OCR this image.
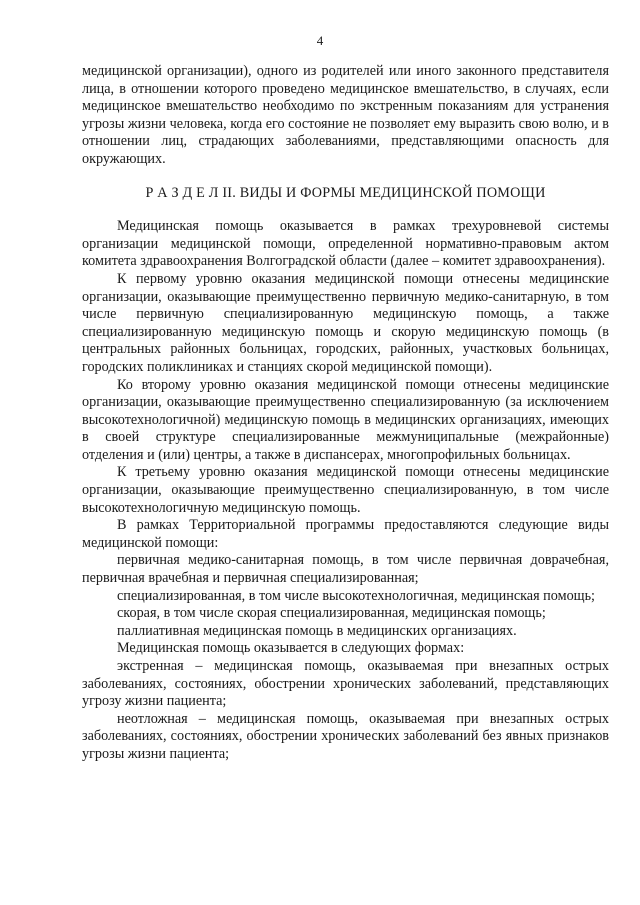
4

медицинской организации), одного из родителей или иного законного представителя лица, в отношении которого проведено медицинское вмешательство, в случаях, если медицинское вмешательство необходимо по экстренным показаниям для устранения угрозы жизни человека, когда его состояние не позволяет ему выразить свою волю, и в отношении лиц, страдающих заболеваниями, представляющими опасность для окружающих.

Р А З Д Е Л II. ВИДЫ И ФОРМЫ МЕДИЦИНСКОЙ ПОМОЩИ

Медицинская помощь оказывается в рамках трехуровневой системы организации медицинской помощи, определенной нормативно-правовым актом комитета здравоохранения Волгоградской области (далее – комитет здравоохранения).

К первому уровню оказания медицинской помощи отнесены медицинские организации, оказывающие преимущественно первичную медико-санитарную, в том числе первичную специализированную медицинскую помощь, а также специализированную медицинскую помощь и скорую медицинскую помощь (в центральных районных больницах, городских, районных, участковых больницах, городских поликлиниках и станциях скорой медицинской помощи).

Ко второму уровню оказания медицинской помощи отнесены медицинские организации, оказывающие преимущественно специализированную (за исключением высокотехнологичной) медицинскую помощь в медицинских организациях, имеющих в своей структуре специализированные межмуниципальные (межрайонные) отделения и (или) центры, а также в диспансерах, многопрофильных больницах.

К третьему уровню оказания медицинской помощи отнесены медицинские организации, оказывающие преимущественно специализированную, в том числе высокотехнологичную медицинскую помощь.

В рамках Территориальной программы предоставляются следующие виды медицинской помощи:

первичная медико-санитарная помощь, в том числе первичная доврачебная, первичная врачебная и первичная специализированная;

специализированная, в том числе высокотехнологичная, медицинская помощь;

скорая, в том числе скорая специализированная, медицинская помощь;

паллиативная медицинская помощь в медицинских организациях.

Медицинская помощь оказывается в следующих формах:

экстренная – медицинская помощь, оказываемая при внезапных острых заболеваниях, состояниях, обострении хронических заболеваний, представляющих угрозу жизни пациента;

неотложная – медицинская помощь, оказываемая при внезапных острых заболеваниях, состояниях, обострении хронических заболеваний без явных признаков угрозы жизни пациента;
